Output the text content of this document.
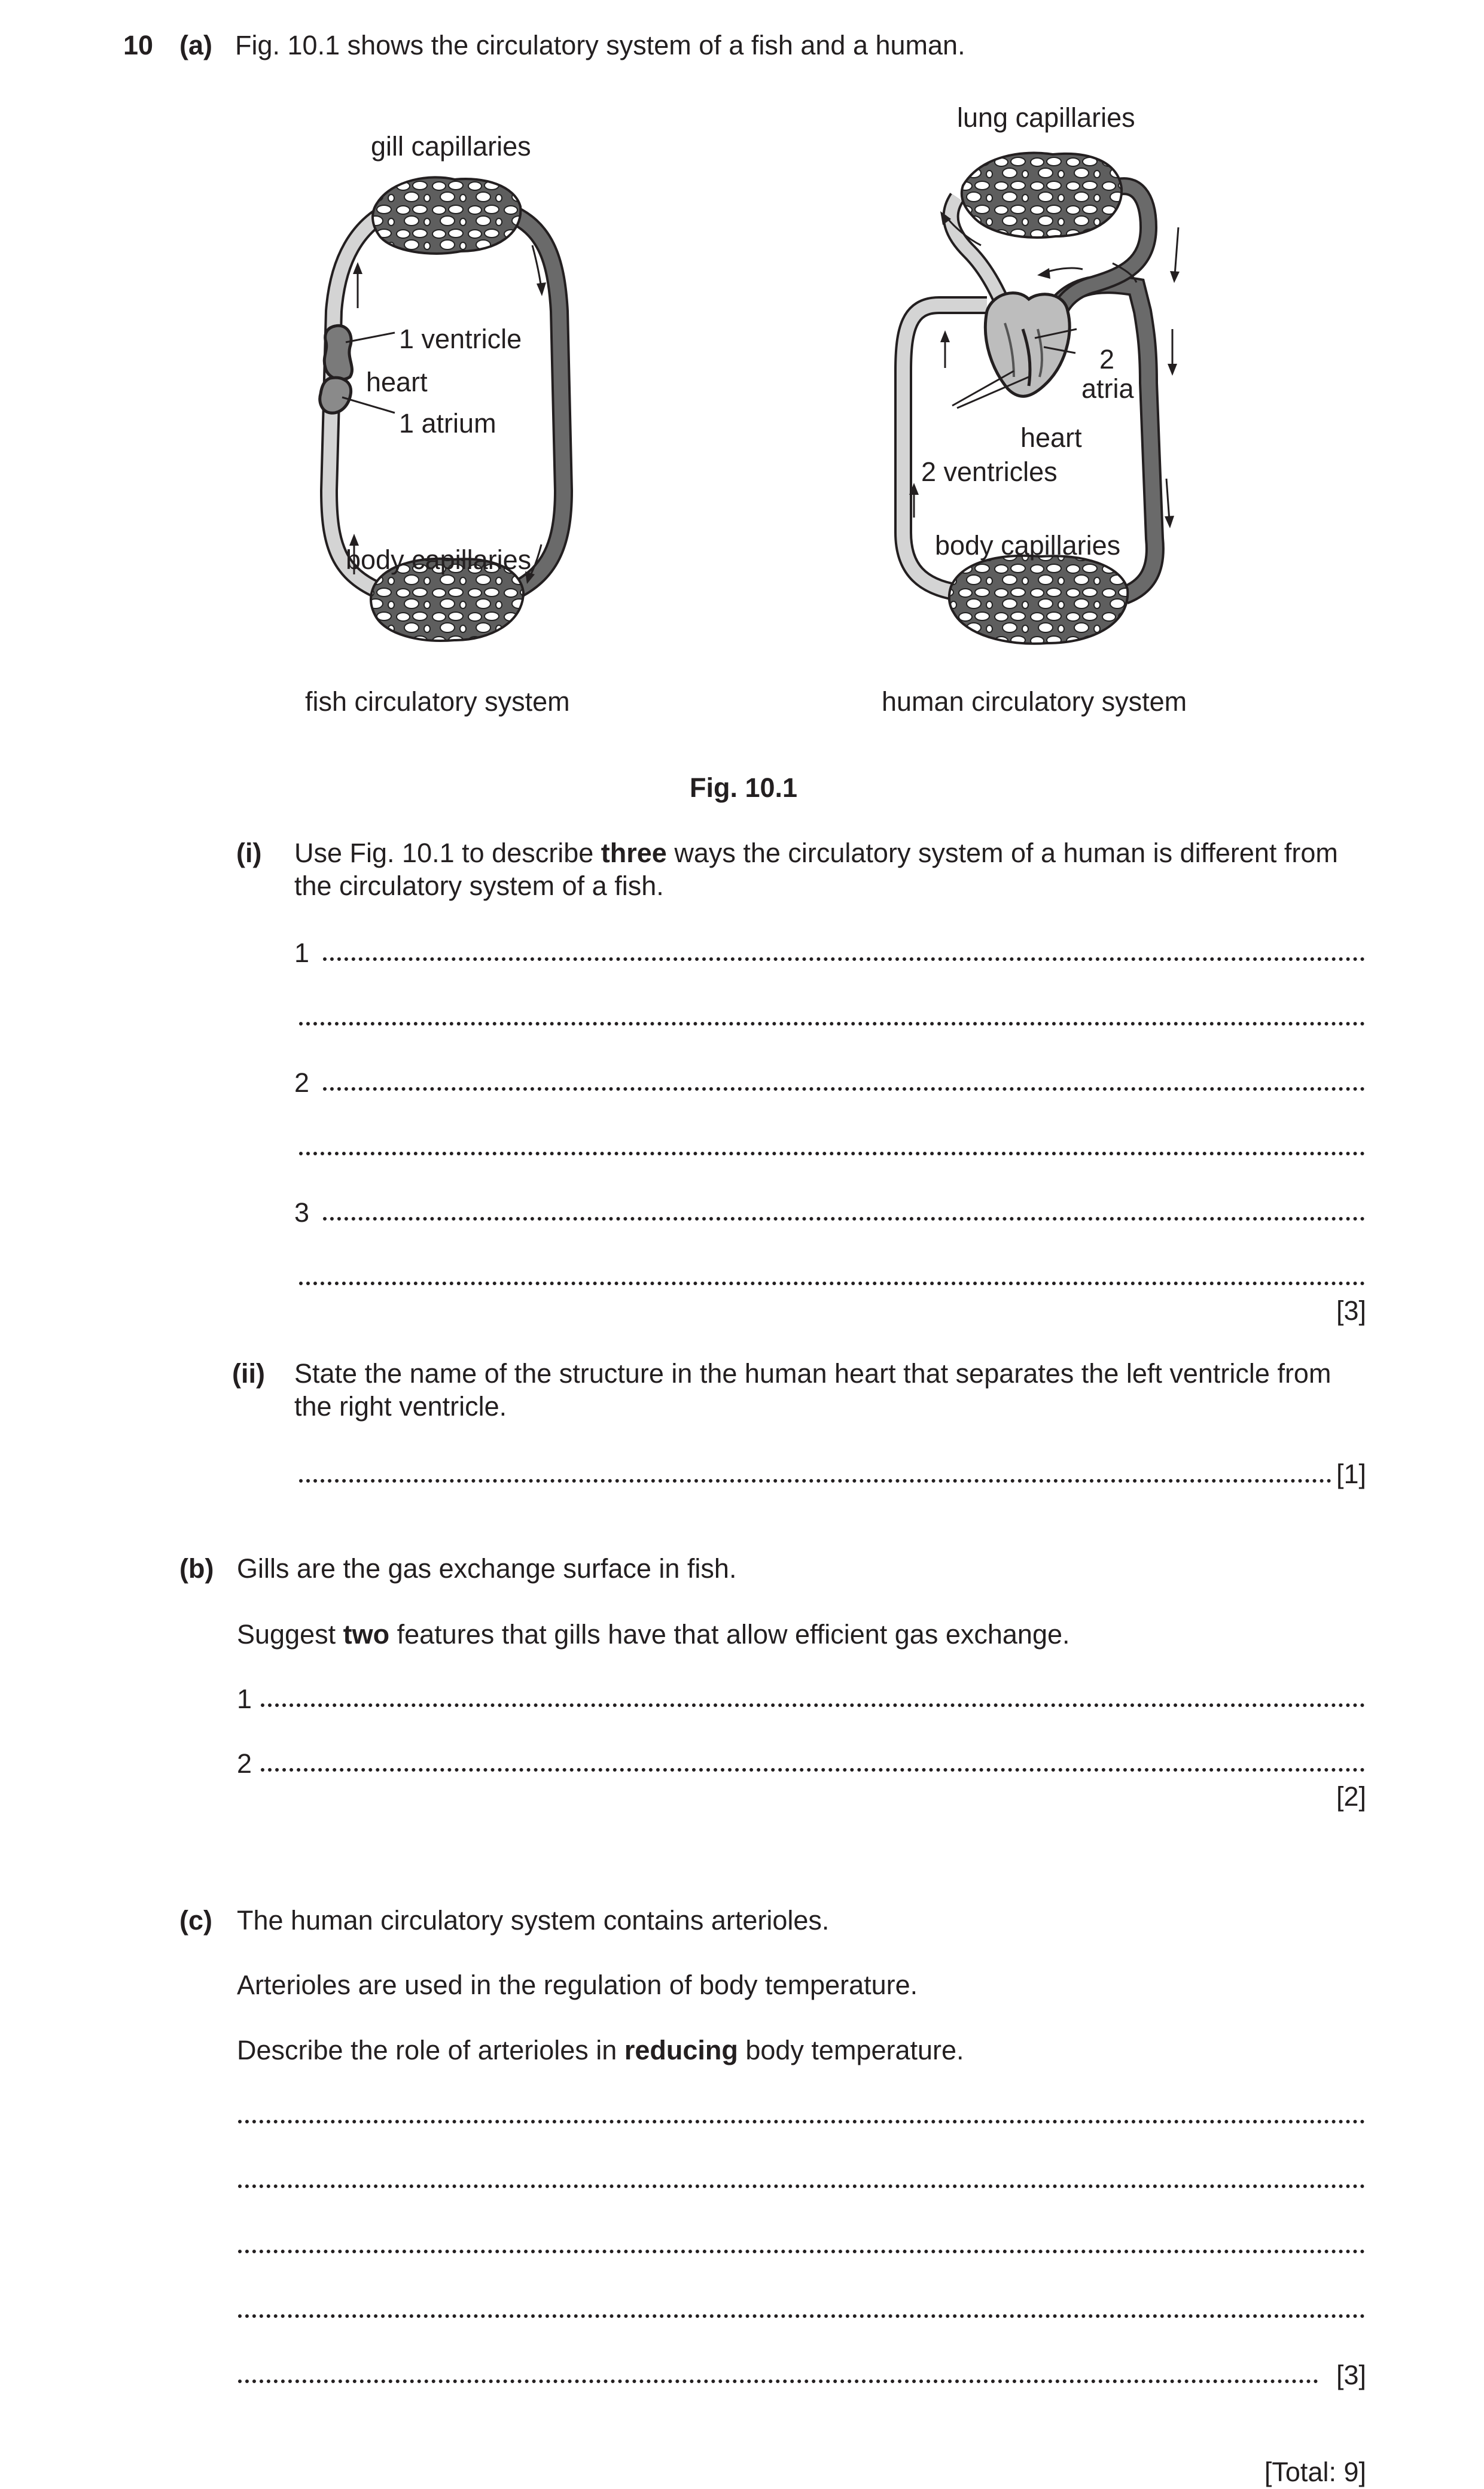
10 (a) Fig. 10.1 shows the circulatory system of a fish and a human.
gill capillaries
1 ventricle
heart
1 atrium
body capillaries
fish circulatory system
lung capillaries
2
atria
heart
2 ventricles
body capillaries
human circulatory system
Fig. 10.1
(i) Use Fig. 10.1 to describe three ways the circulatory system of a human is different from
the circulatory system of a fish.
1
2
3
[3]
(ii) State the name of the structure in the human heart that separates the left ventricle from
the right ventricle.
[1]
(b) Gills are the gas exchange surface in fish.
Suggest two features that gills have that allow efficient gas exchange.
1
2
[2]
(c) The human circulatory system contains arterioles.
Arterioles are used in the regulation of body temperature.
Describe the role of arterioles in reducing body temperature.
[3]
[Total: 9]
